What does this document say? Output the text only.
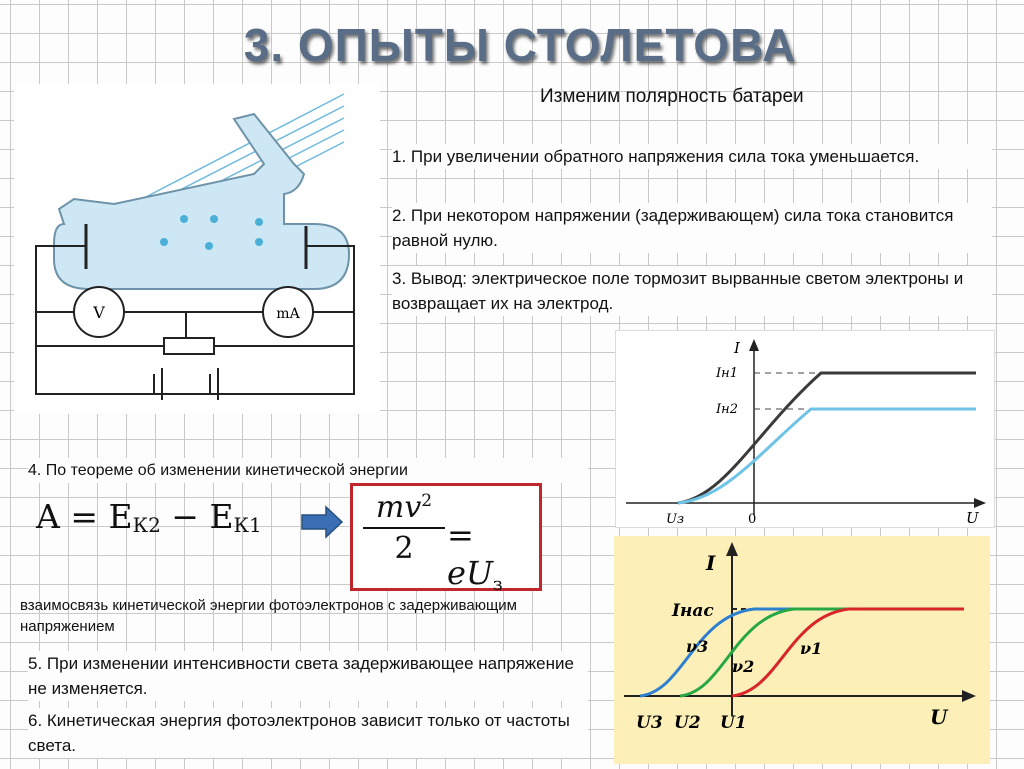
3. ОПЫТЫ СТОЛЕТОВА
Изменим полярность батареи
V	mA
1. При увеличении обратного напряжения сила тока уменьшается.
2. При некотором напряжении (задерживающем) сила тока становится равной нулю.
3. Вывод: электрическое поле тормозит вырванные светом электроны и возвращает их на электрод.
4. По теореме об изменении кинетической энергии
$A = E_{К2} - E_{К1}$	$mv^2$
2	= $eU_з$
взаимосвязь кинетической энергии фотоэлектронов с задерживающим напряжением
5. При изменении интенсивности света задерживающее напряжение не изменяется.
6. Кинетическая энергия фотоэлектронов зависит только от частоты света.
I
U
0
Uз
Iн1
Iн2
I
U
Iнас
ν3
ν2
ν1
U3 U2 U1
